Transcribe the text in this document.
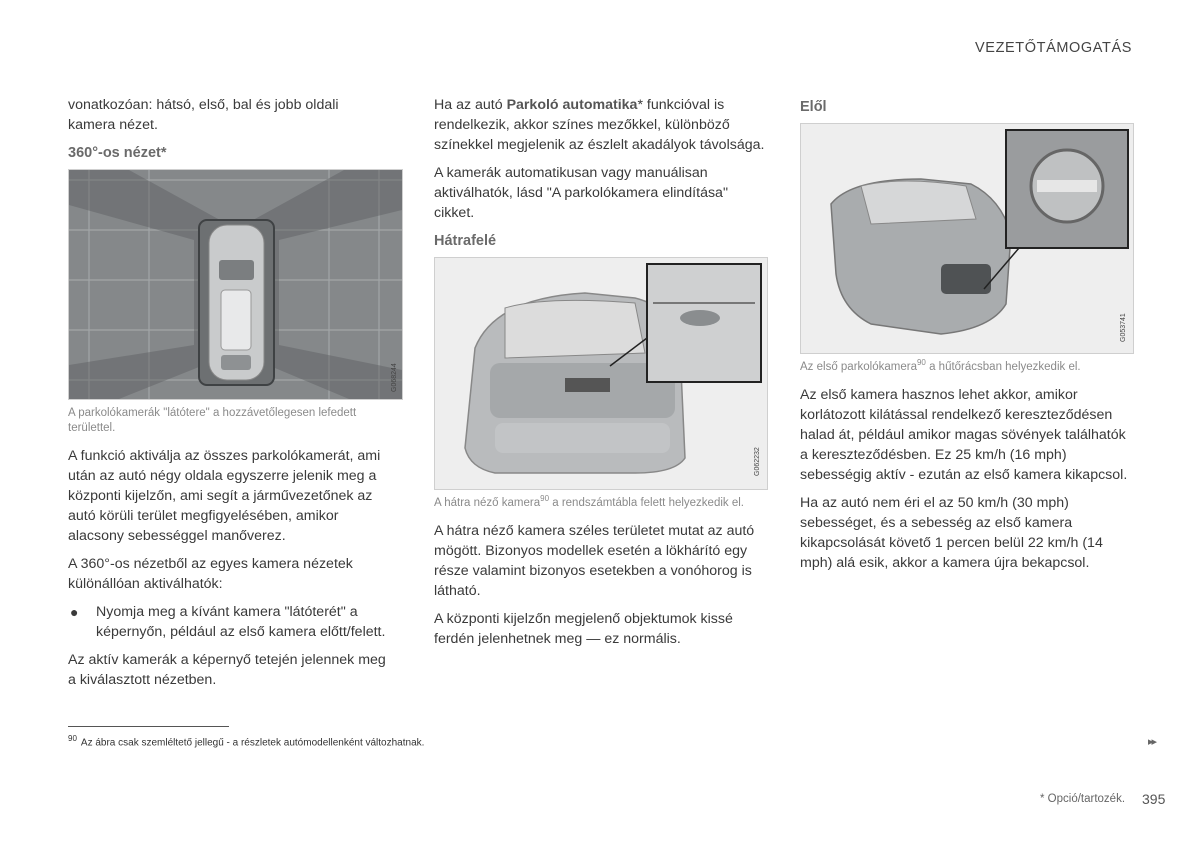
VEZETŐTÁMOGATÁS

vonatkozóan: hátsó, első, bal és jobb oldali kamera nézet.

360°-os nézet*
G068244

A parkolókamerák "látótere" a hozzávetőlegesen lefedett területtel.

A funkció aktiválja az összes parkolókamerát, ami után az autó négy oldala egyszerre jelenik meg a központi kijelzőn, ami segít a járművezetőnek az autó körüli terület megfigyelésében, amikor alacsony sebességgel manőverez.

A 360°-os nézetből az egyes kamera nézetek különállóan aktiválhatók:

● Nyomja meg a kívánt kamera "látóterét" a képernyőn, például az első kamera előtt/felett.

Az aktív kamerák a képernyő tetején jelennek meg a kiválasztott nézetben.

Ha az autó Parkoló automatika* funkcióval is rendelkezik, akkor színes mezőkkel, különböző színekkel megjelenik az észlelt akadályok távolsága.

A kamerák automatikusan vagy manuálisan aktiválhatók, lásd "A parkolókamera elindítása" cikket.

Hátrafelé
G062232

A hátra néző kamera$^{90}$ a rendszámtábla felett helyezkedik el.

A hátra néző kamera széles területet mutat az autó mögött. Bizonyos modellek esetén a lökhárító egy része valamint bizonyos esetekben a vonóhorog is látható.

A központi kijelzőn megjelenő objektumok kissé ferdén jelenhetnek meg — ez normális.

Elől
G053741

Az első parkolókamera$^{90}$ a hűtőrácsban helyezkedik el.

Az első kamera hasznos lehet akkor, amikor korlátozott kilátással rendelkező kereszteződésen halad át, például amikor magas sövények találhatók a kereszteződésben. Ez 25 km/h (16 mph) sebességig aktív - ezután az első kamera kikapcsol.

Ha az autó nem éri el az 50 km/h (30 mph) sebességet, és a sebesség az első kamera kikapcsolását követő 1 percen belül 22 km/h (14 mph) alá esik, akkor a kamera újra bekapcsol.

$^{90}$ Az ábra csak szemléltető jellegű - a részletek autómodellenként változhatnak.	▸▸
* Opció/tartozék. 395
